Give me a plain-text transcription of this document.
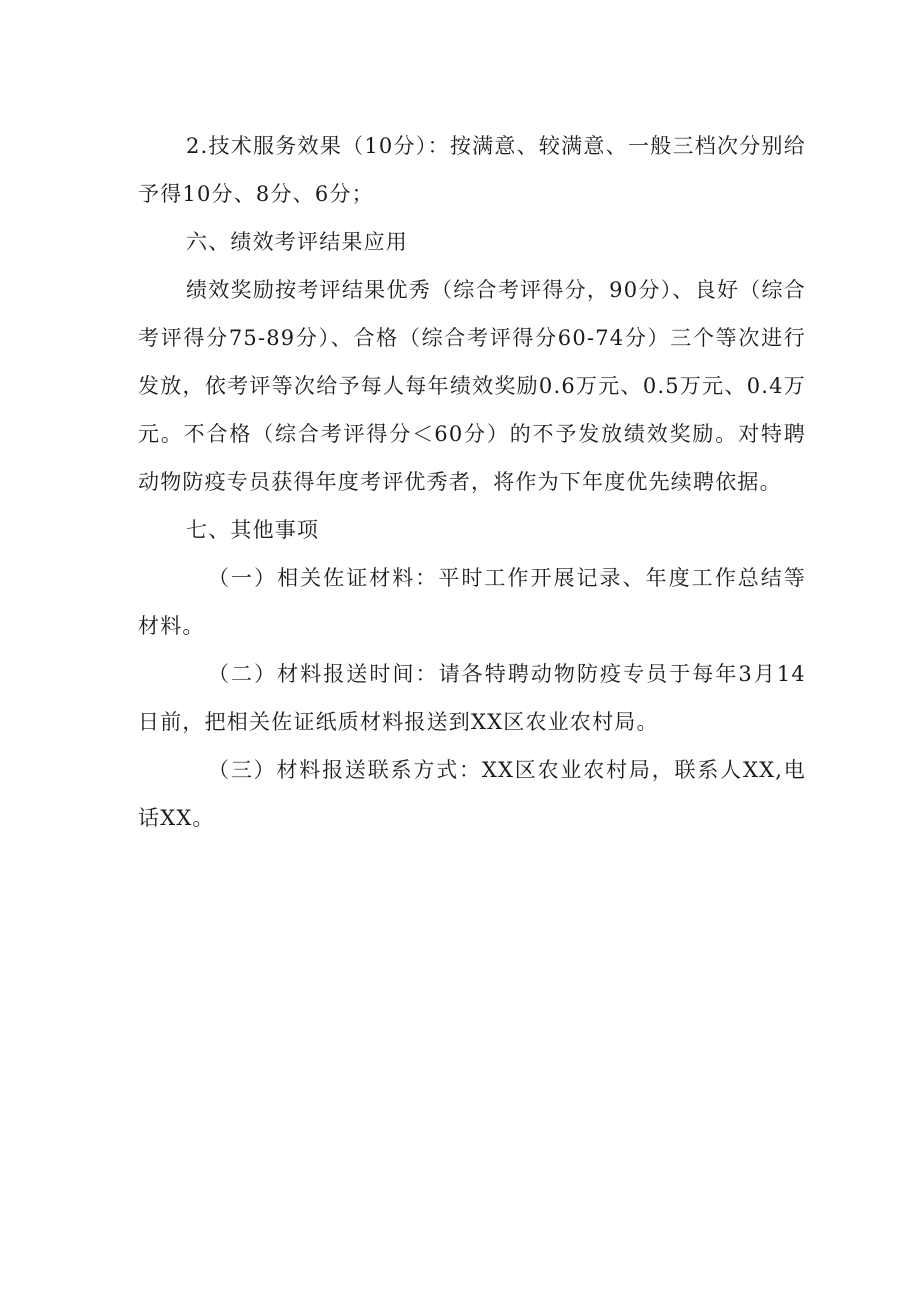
2.技术服务效果（10分）：按满意、较满意、一般三档次分别给予得10分、8分、6分；

六、绩效考评结果应用

绩效奖励按考评结果优秀（综合考评得分，90分）、良好（综合考评得分75-89分）、合格（综合考评得分60-74分）三个等次进行发放，依考评等次给予每人每年绩效奖励0.6万元、0.5万元、0.4万元。不合格（综合考评得分＜60分）的不予发放绩效奖励。对特聘动物防疫专员获得年度考评优秀者，将作为下年度优先续聘依据。

七、其他事项

（一）相关佐证材料：平时工作开展记录、年度工作总结等材料。

（二）材料报送时间：请各特聘动物防疫专员于每年3月14日前，把相关佐证纸质材料报送到XX区农业农村局。

（三）材料报送联系方式：XX区农业农村局，联系人XX,电话XX。
